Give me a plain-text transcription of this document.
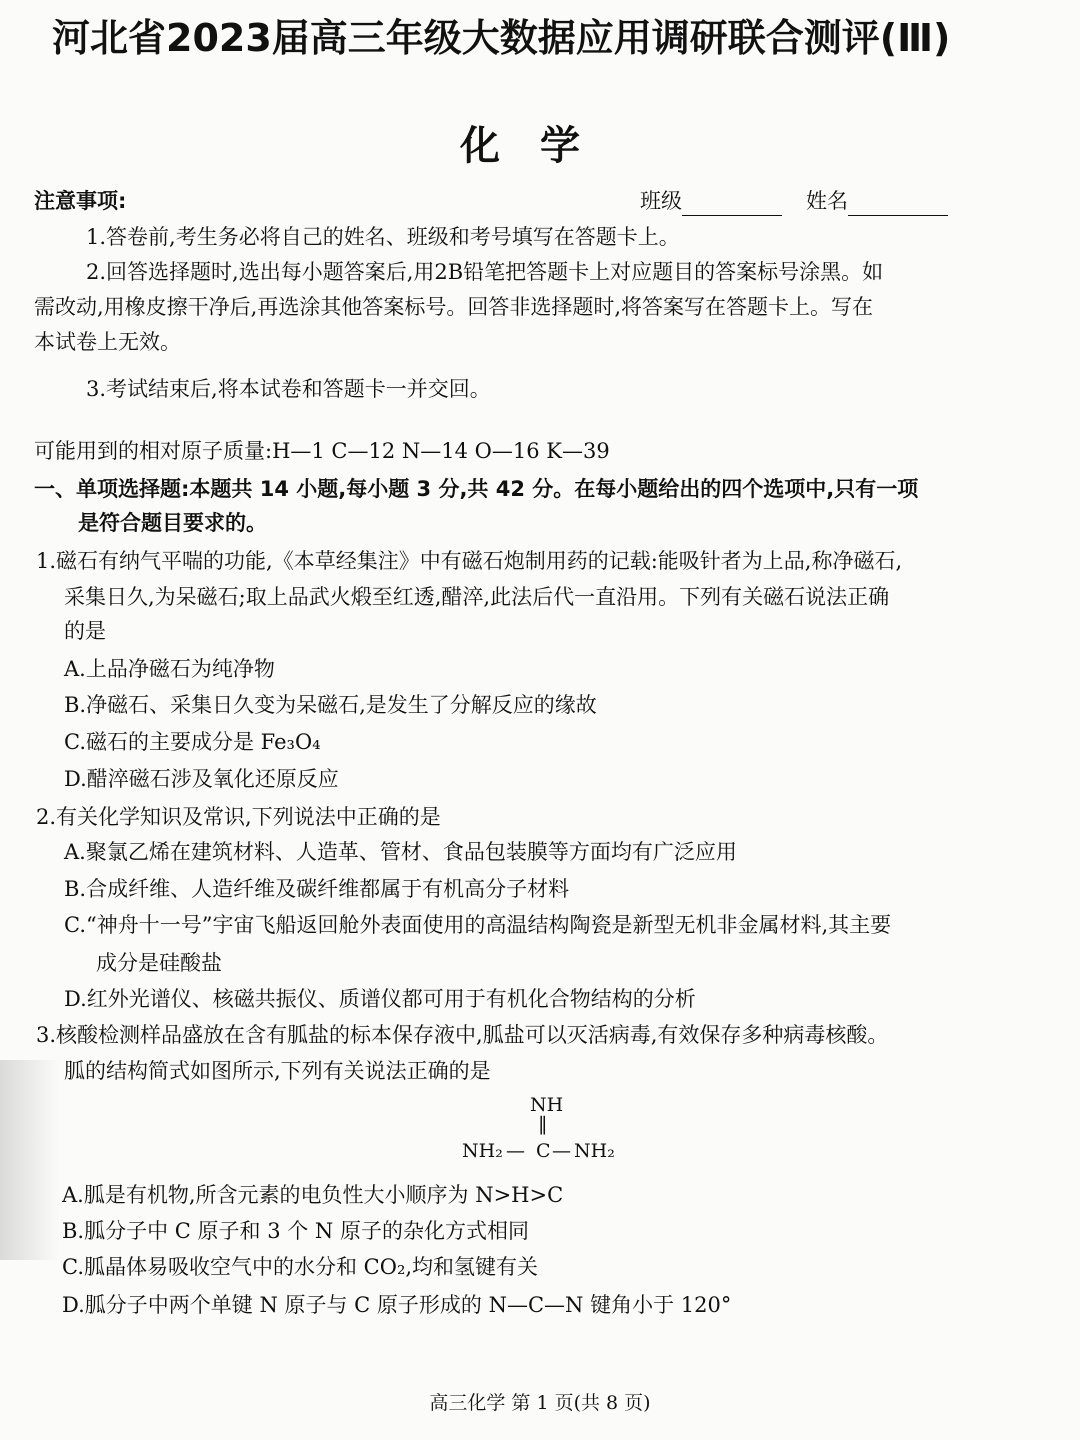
河北省2023届高三年级大数据应用调研联合测评(Ⅲ)
化学
注意事项:	班级	姓名
1.答卷前,考生务必将自己的姓名、班级和考号填写在答题卡上。
2.回答选择题时,选出每小题答案后,用2B铅笔把答题卡上对应题目的答案标号涂黑。如
需改动,用橡皮擦干净后,再选涂其他答案标号。回答非选择题时,将答案写在答题卡上。写在
本试卷上无效。
3.考试结束后,将本试卷和答题卡一并交回。
可能用到的相对原子质量:H—1 C—12 N—14 O—16 K—39
一、单项选择题:本题共 14 小题,每小题 3 分,共 42 分。在每小题给出的四个选项中,只有一项
是符合题目要求的。
1.磁石有纳气平喘的功能,《本草经集注》中有磁石炮制用药的记载:能吸针者为上品,称净磁石,
采集日久,为呆磁石;取上品武火煅至红透,醋淬,此法后代一直沿用。下列有关磁石说法正确
的是
A.上品净磁石为纯净物
B.净磁石、采集日久变为呆磁石,是发生了分解反应的缘故
C.磁石的主要成分是 Fe₃O₄
D.醋淬磁石涉及氧化还原反应
2.有关化学知识及常识,下列说法中正确的是
A.聚氯乙烯在建筑材料、人造革、管材、食品包装膜等方面均有广泛应用
B.合成纤维、人造纤维及碳纤维都属于有机高分子材料
C.“神舟十一号”宇宙飞船返回舱外表面使用的高温结构陶瓷是新型无机非金属材料,其主要
成分是硅酸盐
D.红外光谱仪、核磁共振仪、质谱仪都可用于有机化合物结构的分析
3.核酸检测样品盛放在含有胍盐的标本保存液中,胍盐可以灭活病毒,有效保存多种病毒核酸。
胍的结构简式如图所示,下列有关说法正确的是
NH
‖
NH₂ — C — NH₂
A.胍是有机物,所含元素的电负性大小顺序为 N>H>C
B.胍分子中 C 原子和 3 个 N 原子的杂化方式相同
C.胍晶体易吸收空气中的水分和 CO₂,均和氢键有关
D.胍分子中两个单键 N 原子与 C 原子形成的 N—C—N 键角小于 120°
高三化学 第 1 页(共 8 页)
